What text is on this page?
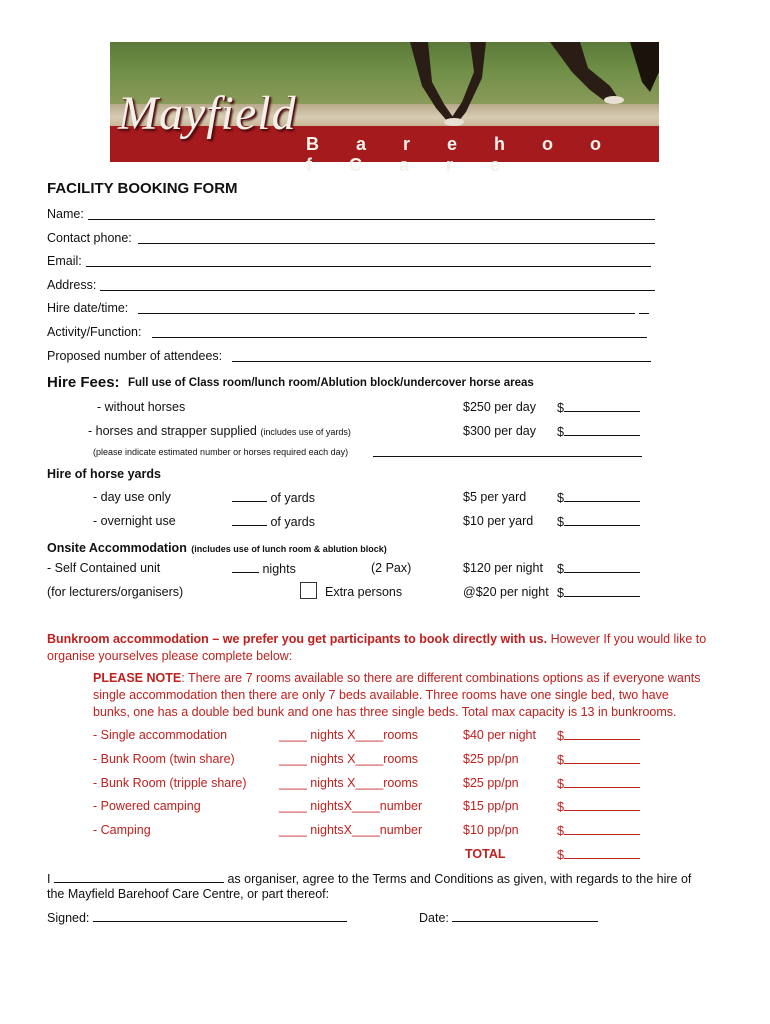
Mayfield
B a r e h o o f C a r e
FACILITY BOOKING FORM
Name:
Contact phone:
Email:
Address:
Hire date/time:
Activity/Function:
Proposed number of attendees:
Hire Fees: Full use of Class room/lunch room/Ablution block/undercover horse areas
- without horses	$250 per day $
- horses and strapper supplied (includes use of yards)	$300 per day $
(please indicate estimated number or horses required each day)
Hire of horse yards
- day use only	of yards	$5 per yard $
- overnight use	of yards	$10 per yard $
Onsite Accommodation (includes use of lunch room & ablution block)
- Self Contained unit	nights	(2 Pax)	$120 per night $
(for lecturers/organisers)	Extra persons	@$20 per night $
Bunkroom accommodation – we prefer you get participants to book directly with us. However If you would like to
organise yourselves please complete below:
PLEASE NOTE: There are 7 rooms available so there are different combinations options as if everyone wants
single accommodation then there are only 7 beds available. Three rooms have one single bed, two have
bunks, one has a double bed bunk and one has three single beds. Total max capacity is 13 in bunkrooms.
- Single accommodation	____ nights X____rooms	$40 per night $
- Bunk Room (twin share)	____ nights X____rooms	$25 pp/pn	$
- Bunk Room (tripple share)	____ nights X____rooms	$25 pp/pn	$
- Powered camping	____ nightsX____number	$15 pp/pn	$
- Camping	____ nightsX____number	$10 pp/pn	$
TOTAL	$
I	as organiser, agree to the Terms and Conditions as given, with regards to the hire of
the Mayfield Barehoof Care Centre, or part thereof:
Signed:	Date:
